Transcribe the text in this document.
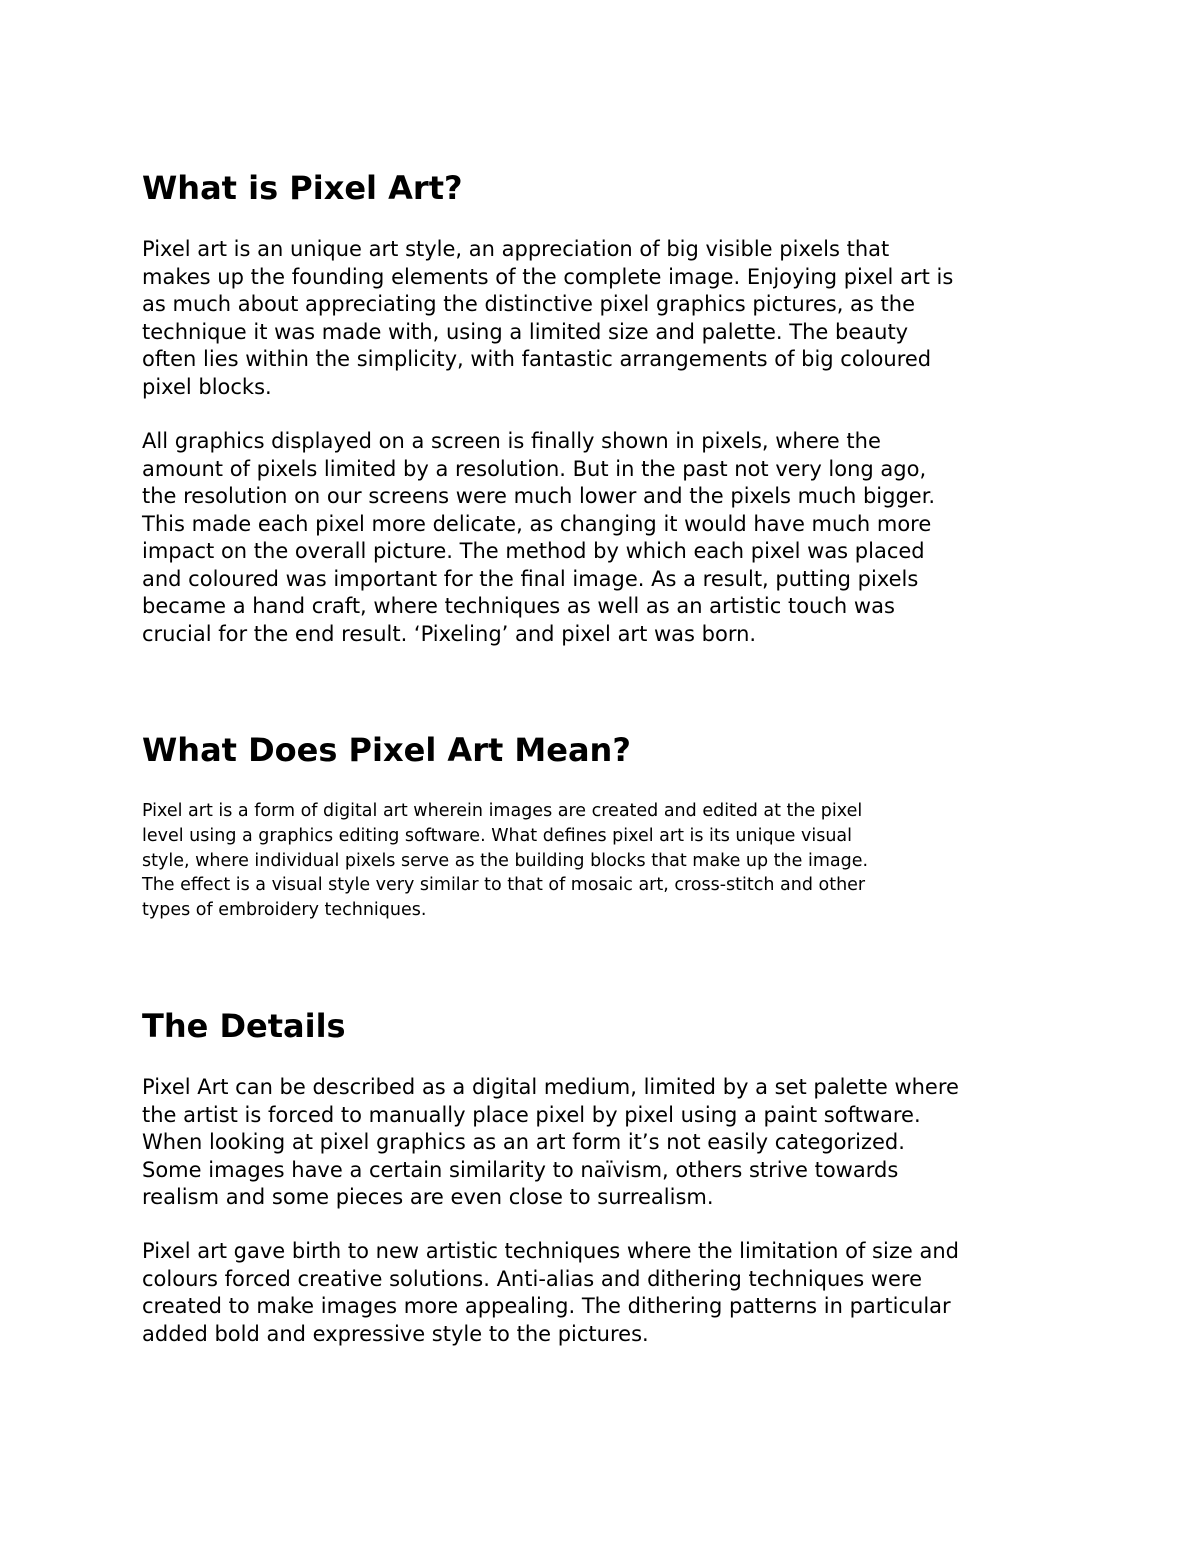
What is Pixel Art?

Pixel art is an unique art style, an appreciation of big visible pixels that
makes up the founding elements of the complete image. Enjoying pixel art is
as much about appreciating the distinctive pixel graphics pictures, as the
technique it was made with, using a limited size and palette. The beauty
often lies within the simplicity, with fantastic arrangements of big coloured
pixel blocks.

All graphics displayed on a screen is finally shown in pixels, where the
amount of pixels limited by a resolution. But in the past not very long ago,
the resolution on our screens were much lower and the pixels much bigger.
This made each pixel more delicate, as changing it would have much more
impact on the overall picture. The method by which each pixel was placed
and coloured was important for the final image. As a result, putting pixels
became a hand craft, where techniques as well as an artistic touch was
crucial for the end result. ‘Pixeling’ and pixel art was born.

What Does Pixel Art Mean?

Pixel art is a form of digital art wherein images are created and edited at the pixel
level using a graphics editing software. What defines pixel art is its unique visual
style, where individual pixels serve as the building blocks that make up the image.
The effect is a visual style very similar to that of mosaic art, cross-stitch and other
types of embroidery techniques.

The Details

Pixel Art can be described as a digital medium, limited by a set palette where
the artist is forced to manually place pixel by pixel using a paint software.
When looking at pixel graphics as an art form it’s not easily categorized.
Some images have a certain similarity to naïvism, others strive towards
realism and some pieces are even close to surrealism.

Pixel art gave birth to new artistic techniques where the limitation of size and
colours forced creative solutions. Anti-alias and dithering techniques were
created to make images more appealing. The dithering patterns in particular
added bold and expressive style to the pictures.
